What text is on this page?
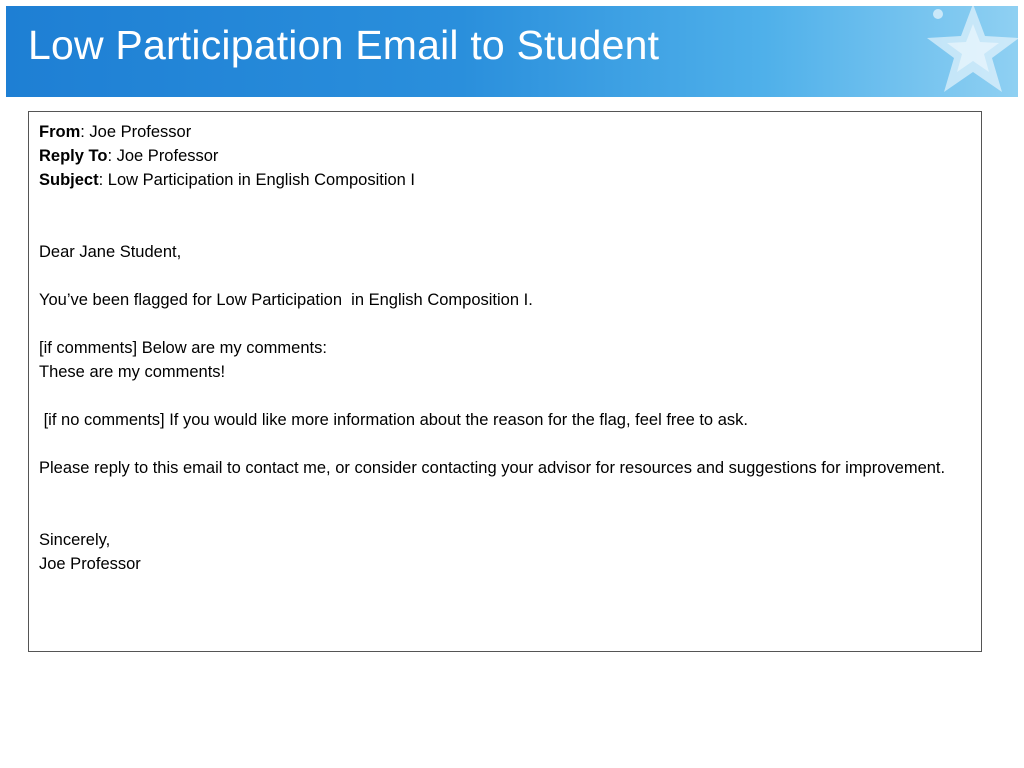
Low Participation Email to Student
From: Joe Professor
Reply To: Joe Professor
Subject: Low Participation in English Composition I
Dear Jane Student,
You’ve been flagged for Low Participation  in English Composition I.
[if comments] Below are my comments:
These are my comments!
[if no comments] If you would like more information about the reason for the flag, feel free to ask.
Please reply to this email to contact me, or consider contacting your advisor for resources and suggestions for improvement.
Sincerely,
Joe Professor
